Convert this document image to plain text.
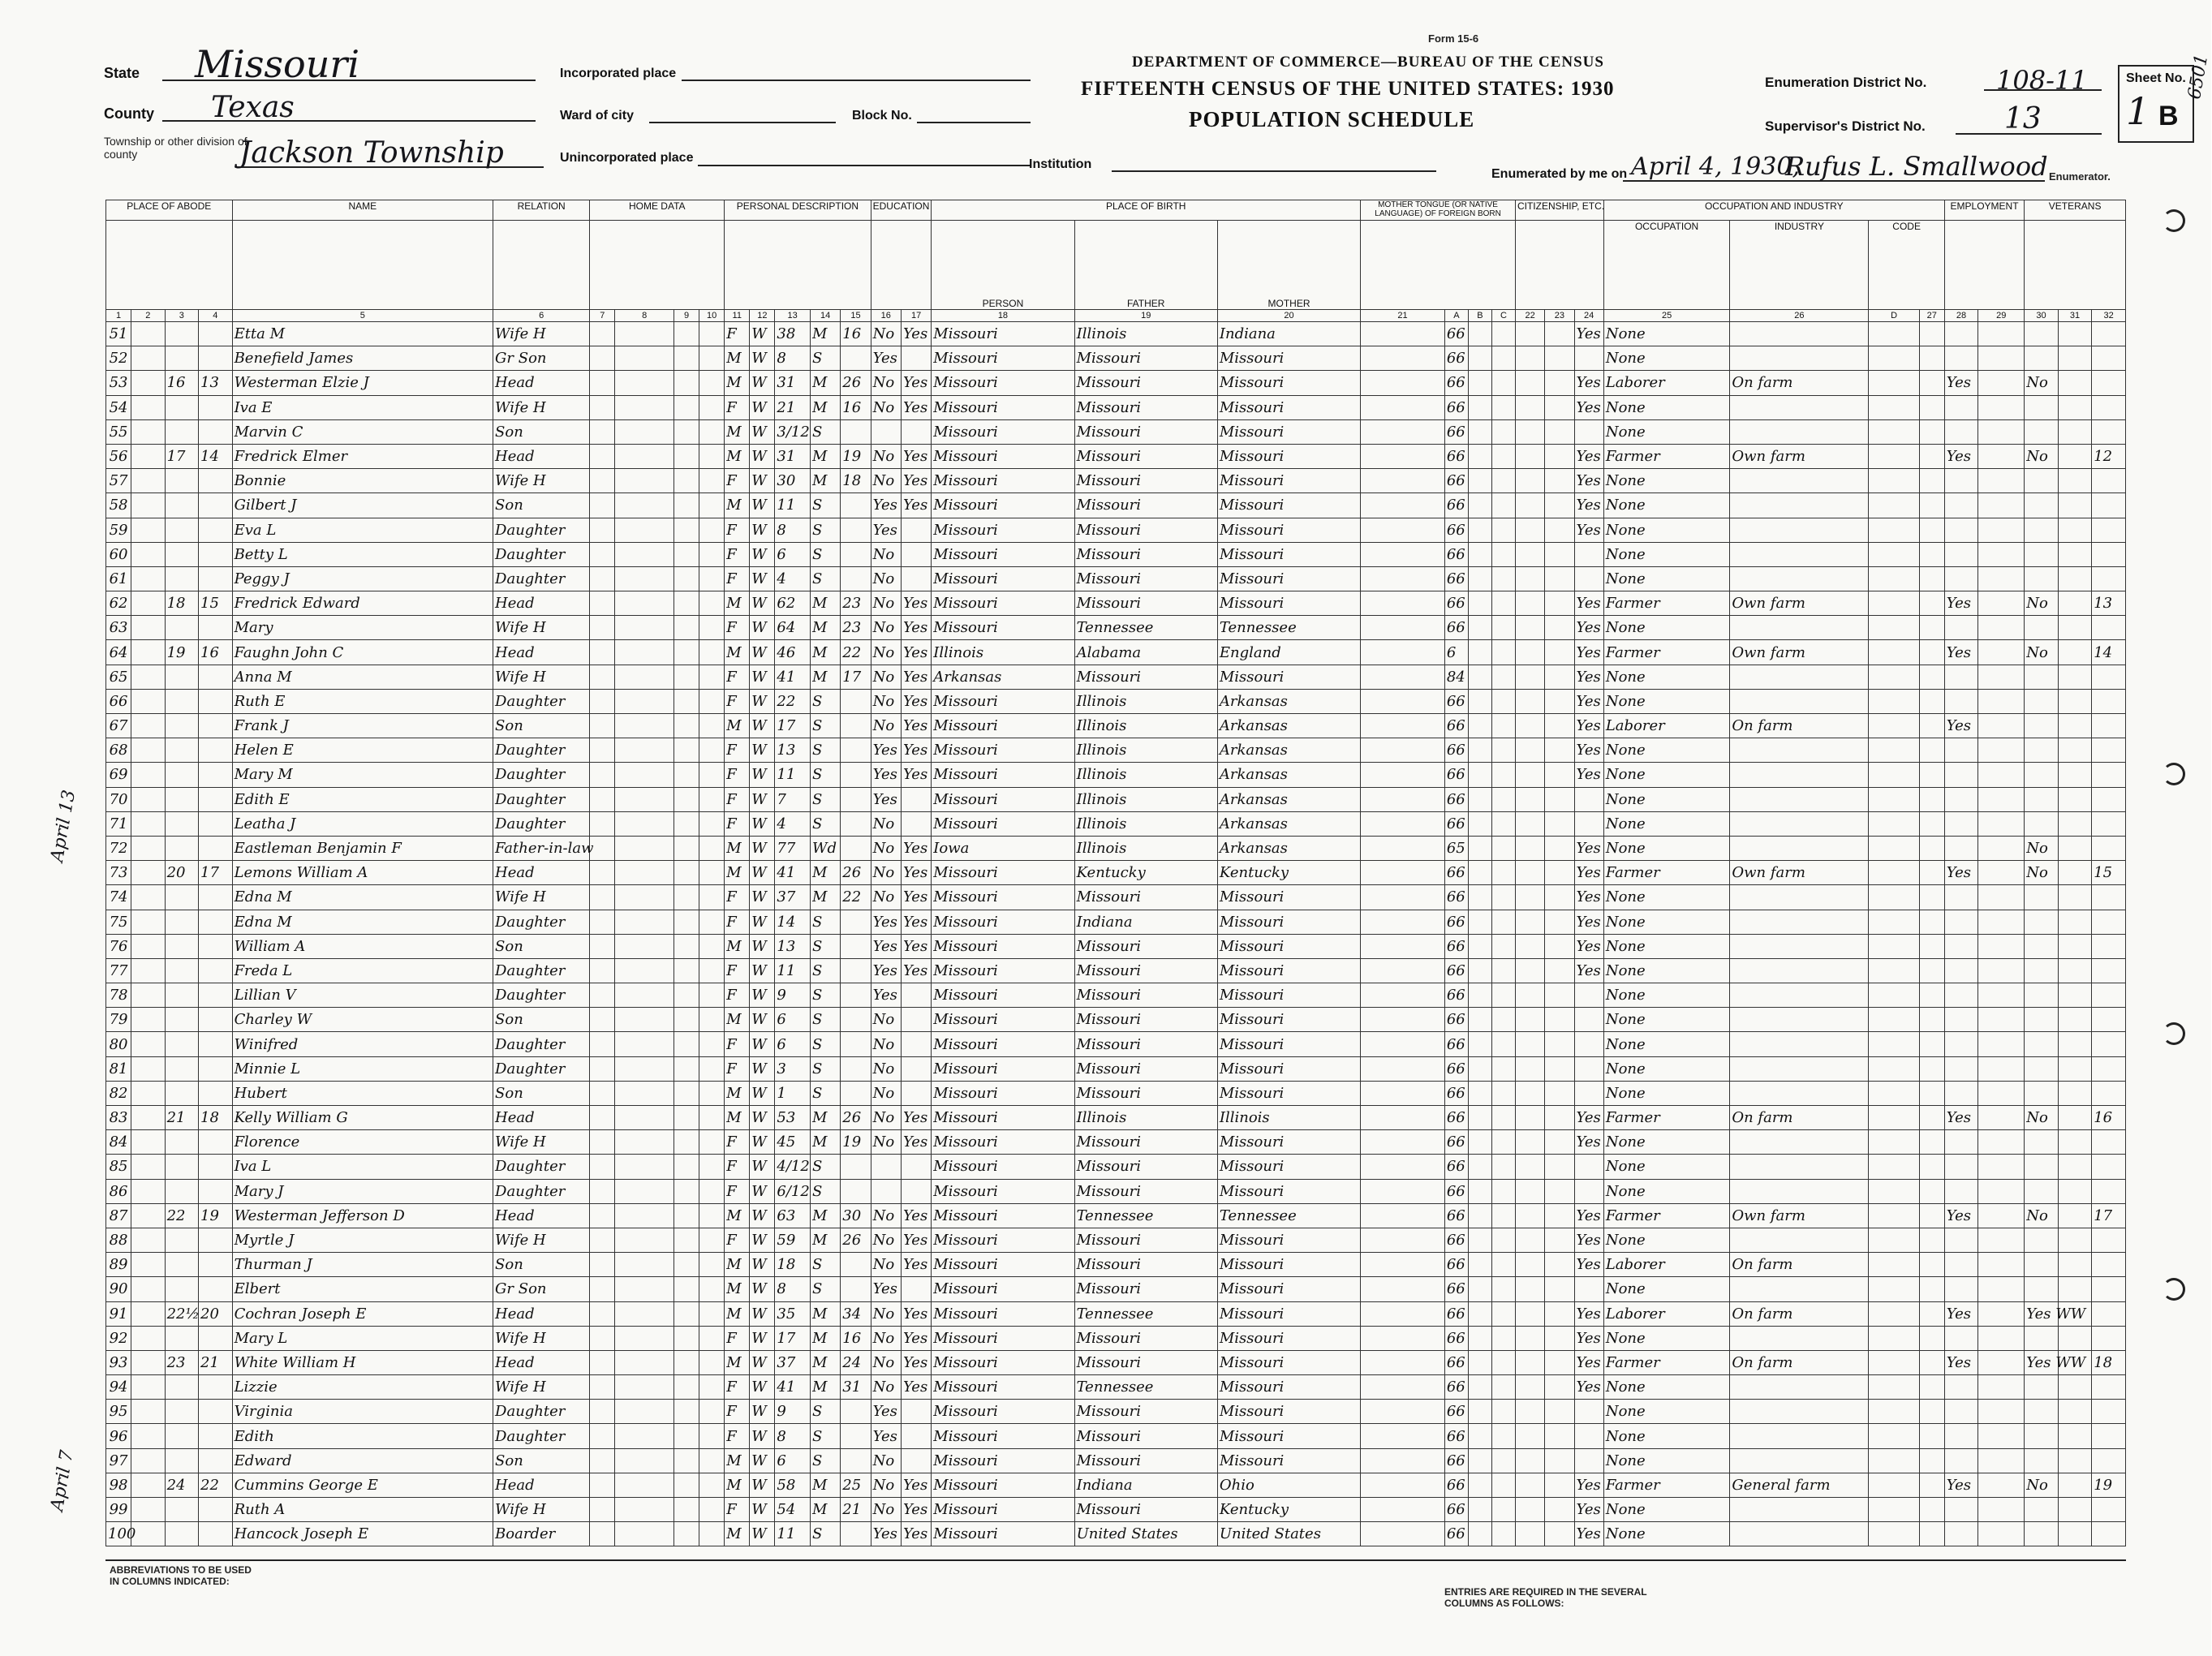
State Missouri
County Texas
Township or other division of county	Jackson Township
Incorporated place
Ward of city	Block No.
Unincorporated place	Institution
Form 15-6
DEPARTMENT OF COMMERCE—BUREAU OF THE CENSUS
FIFTEENTH CENSUS OF THE UNITED STATES: 1930
POPULATION SCHEDULE
Enumeration District No.	108-11
Supervisor's District No.	13
Sheet No.
1 B
6501
Enumerated by me on April 4, 1930,
Rufus L. Smallwood Enumerator.
April 13
April 7
PLACE OF ABODE				NAME	RELATION	HOME DATA				PERSONAL DESCRIPTION					EDUCATION		PLACE OF BIRTH			MOTHER TONGUE (OR NATIVE LANGUAGE) OF FOREIGN BORN				CITIZENSHIP, ETC.			OCCUPATION AND INDUSTRY				EMPLOYMENT		VETERANS		
																	PERSON	FATHER	MOTHER								OCCUPATION	INDUSTRY	CODE						
1	2	3	4	5	6	7	8	9	10	11	12	13	14	15	16	17	18	19	20	21	A	B	C	22	23	24	25	26	D	27	28	29	30	31	32
51				Etta M	Wife H					F	W	38	M	16	No	Yes	Missouri	Illinois	Indiana		66					Yes	None								
52				Benefield James	Gr Son					M	W	8	S		Yes		Missouri	Missouri	Missouri		66						None								
53		16	13	Westerman Elzie J	Head					M	W	31	M	26	No	Yes	Missouri	Missouri	Missouri		66					Yes	Laborer	On farm			Yes		No		
54				Iva E	Wife H					F	W	21	M	16	No	Yes	Missouri	Missouri	Missouri		66					Yes	None								
55				Marvin C	Son					M	W	3/12	S				Missouri	Missouri	Missouri		66						None								
56		17	14	Fredrick Elmer	Head					M	W	31	M	19	No	Yes	Missouri	Missouri	Missouri		66					Yes	Farmer	Own farm			Yes		No		12
57				Bonnie	Wife H					F	W	30	M	18	No	Yes	Missouri	Missouri	Missouri		66					Yes	None								
58				Gilbert J	Son					M	W	11	S		Yes	Yes	Missouri	Missouri	Missouri		66					Yes	None								
59				Eva L	Daughter					F	W	8	S		Yes		Missouri	Missouri	Missouri		66					Yes	None								
60				Betty L	Daughter					F	W	6	S		No		Missouri	Missouri	Missouri		66						None								
61				Peggy J	Daughter					F	W	4	S		No		Missouri	Missouri	Missouri		66						None								
62		18	15	Fredrick Edward	Head					M	W	62	M	23	No	Yes	Missouri	Missouri	Missouri		66					Yes	Farmer	Own farm			Yes		No		13
63				Mary	Wife H					F	W	64	M	23	No	Yes	Missouri	Tennessee	Tennessee		66					Yes	None								
64		19	16	Faughn John C	Head					M	W	46	M	22	No	Yes	Illinois	Alabama	England		6					Yes	Farmer	Own farm			Yes		No		14
65				Anna M	Wife H					F	W	41	M	17	No	Yes	Arkansas	Missouri	Missouri		84					Yes	None								
66				Ruth E	Daughter					F	W	22	S		No	Yes	Missouri	Illinois	Arkansas		66					Yes	None								
67				Frank J	Son					M	W	17	S		No	Yes	Missouri	Illinois	Arkansas		66					Yes	Laborer	On farm			Yes				
68				Helen E	Daughter					F	W	13	S		Yes	Yes	Missouri	Illinois	Arkansas		66					Yes	None								
69				Mary M	Daughter					F	W	11	S		Yes	Yes	Missouri	Illinois	Arkansas		66					Yes	None								
70				Edith E	Daughter					F	W	7	S		Yes		Missouri	Illinois	Arkansas		66						None								
71				Leatha J	Daughter					F	W	4	S		No		Missouri	Illinois	Arkansas		66						None								
72				Eastleman Benjamin F	Father-in-law					M	W	77	Wd		No	Yes	Iowa	Illinois	Arkansas		65					Yes	None						No		
73		20	17	Lemons William A	Head					M	W	41	M	26	No	Yes	Missouri	Kentucky	Kentucky		66					Yes	Farmer	Own farm			Yes		No		15
74				Edna M	Wife H					F	W	37	M	22	No	Yes	Missouri	Missouri	Missouri		66					Yes	None								
75				Edna M	Daughter					F	W	14	S		Yes	Yes	Missouri	Indiana	Missouri		66					Yes	None								
76				William A	Son					M	W	13	S		Yes	Yes	Missouri	Missouri	Missouri		66					Yes	None								
77				Freda L	Daughter					F	W	11	S		Yes	Yes	Missouri	Missouri	Missouri		66					Yes	None								
78				Lillian V	Daughter					F	W	9	S		Yes		Missouri	Missouri	Missouri		66						None								
79				Charley W	Son					M	W	6	S		No		Missouri	Missouri	Missouri		66						None								
80				Winifred	Daughter					F	W	6	S		No		Missouri	Missouri	Missouri		66						None								
81				Minnie L	Daughter					F	W	3	S		No		Missouri	Missouri	Missouri		66						None								
82				Hubert	Son					M	W	1	S		No		Missouri	Missouri	Missouri		66						None								
83		21	18	Kelly William G	Head					M	W	53	M	26	No	Yes	Missouri	Illinois	Illinois		66					Yes	Farmer	On farm			Yes		No		16
84				Florence	Wife H					F	W	45	M	19	No	Yes	Missouri	Missouri	Missouri		66					Yes	None								
85				Iva L	Daughter					F	W	4/12	S				Missouri	Missouri	Missouri		66						None								
86				Mary J	Daughter					F	W	6/12	S				Missouri	Missouri	Missouri		66						None								
87		22	19	Westerman Jefferson D	Head					M	W	63	M	30	No	Yes	Missouri	Tennessee	Tennessee		66					Yes	Farmer	Own farm			Yes		No		17
88				Myrtle J	Wife H					F	W	59	M	26	No	Yes	Missouri	Missouri	Missouri		66					Yes	None								
89				Thurman J	Son					M	W	18	S		No	Yes	Missouri	Missouri	Missouri		66					Yes	Laborer	On farm							
90				Elbert	Gr Son					M	W	8	S		Yes		Missouri	Missouri	Missouri		66						None								
91		22½	20	Cochran Joseph E	Head					M	W	35	M	34	No	Yes	Missouri	Tennessee	Missouri		66					Yes	Laborer	On farm			Yes		Yes WW		
92				Mary L	Wife H					F	W	17	M	16	No	Yes	Missouri	Missouri	Missouri		66					Yes	None								
93		23	21	White William H	Head					M	W	37	M	24	No	Yes	Missouri	Missouri	Missouri		66					Yes	Farmer	On farm			Yes		Yes WW		18
94				Lizzie	Wife H					F	W	41	M	31	No	Yes	Missouri	Tennessee	Missouri		66					Yes	None								
95				Virginia	Daughter					F	W	9	S		Yes		Missouri	Missouri	Missouri		66						None								
96				Edith	Daughter					F	W	8	S		Yes		Missouri	Missouri	Missouri		66						None								
97				Edward	Son					M	W	6	S		No		Missouri	Missouri	Missouri		66						None								
98		24	22	Cummins George E	Head					M	W	58	M	25	No	Yes	Missouri	Indiana	Ohio		66					Yes	Farmer	General farm			Yes		No		19
99				Ruth A	Wife H					F	W	54	M	21	No	Yes	Missouri	Missouri	Kentucky		66					Yes	None								
100				Hancock Joseph E	Boarder					M	W	11	S		Yes	Yes	Missouri	United States	United States		66					Yes	None								
ABBREVIATIONS TO BE USED IN COLUMNS INDICATED:
ENTRIES ARE REQUIRED IN THE SEVERAL COLUMNS AS FOLLOWS:
